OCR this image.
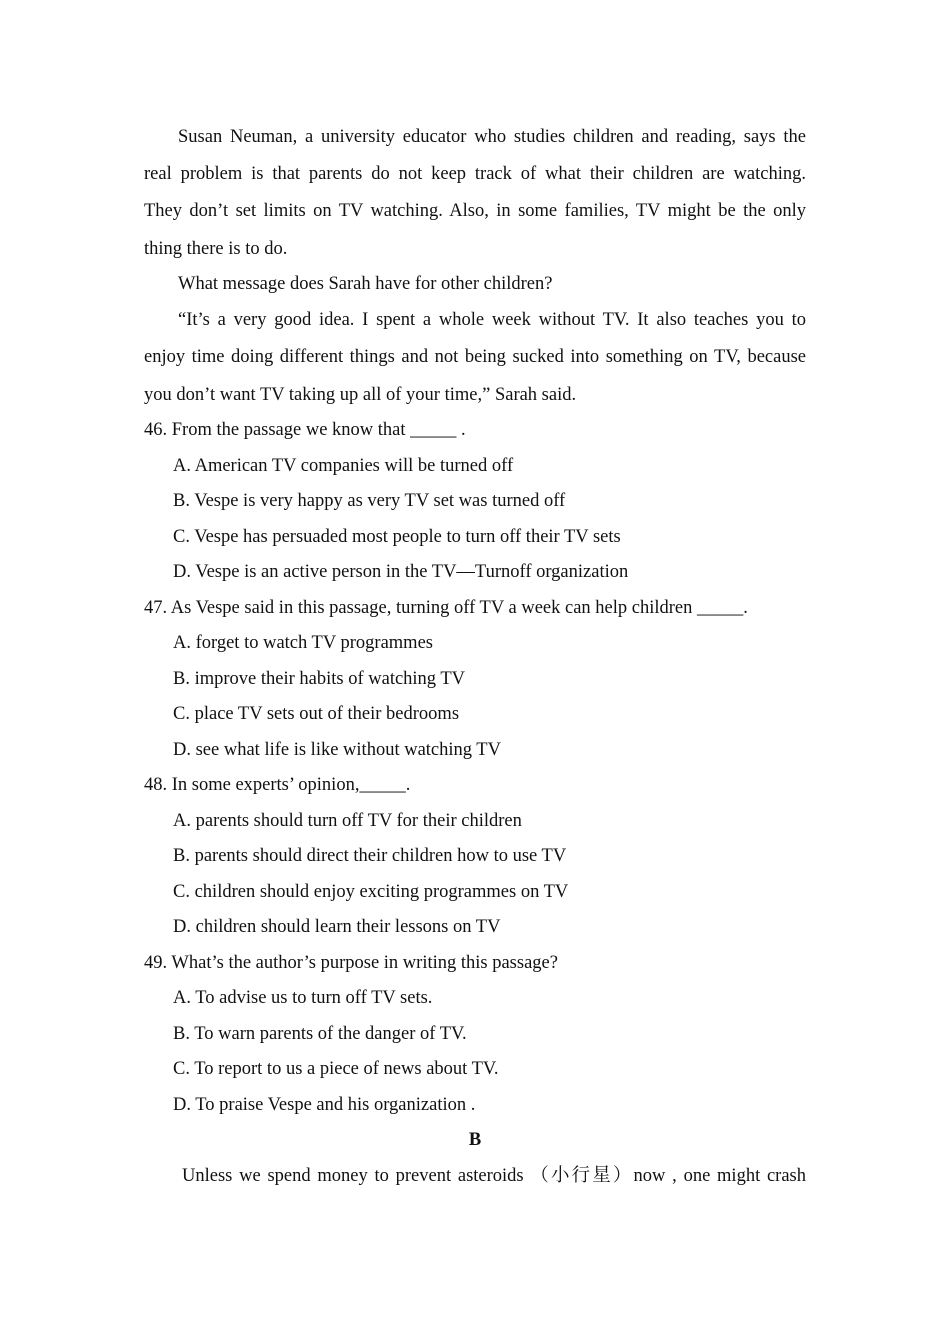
Susan Neuman, a university educator who studies children and reading, says the
real problem is that parents do not keep track of what their children are watching.
They don’t set limits on TV watching. Also, in some families, TV might be the only
thing there is to do.
What message does Sarah have for other children?
“It’s a very good idea. I spent a whole week without TV. It also teaches you to
enjoy time doing different things and not being sucked into something on TV, because
you don’t want TV taking up all of your time,” Sarah said.
46. From the passage we know that _____ .
A. American TV companies will be turned off
B. Vespe is very happy as very TV set was turned off
C. Vespe has persuaded most people to turn off their TV sets
D. Vespe is an active person in the TV—Turnoff organization
47. As Vespe said in this passage, turning off TV a week can help children _____.
A. forget to watch TV programmes
B. improve their habits of watching TV
C. place TV sets out of their bedrooms
D. see what life is like without watching TV
48. In some experts’ opinion,_____.
A. parents should turn off TV for their children
B. parents should direct their children how to use TV
C. children should enjoy exciting programmes on TV
D. children should learn their lessons on TV
49. What’s the author’s purpose in writing this passage?
A. To advise us to turn off TV sets.
B. To warn parents of the danger of TV.
C. To report to us a piece of news about TV.
D. To praise Vespe and his organization .
B
Unless we spend money to prevent asteroids （小行星）now , one might crash
